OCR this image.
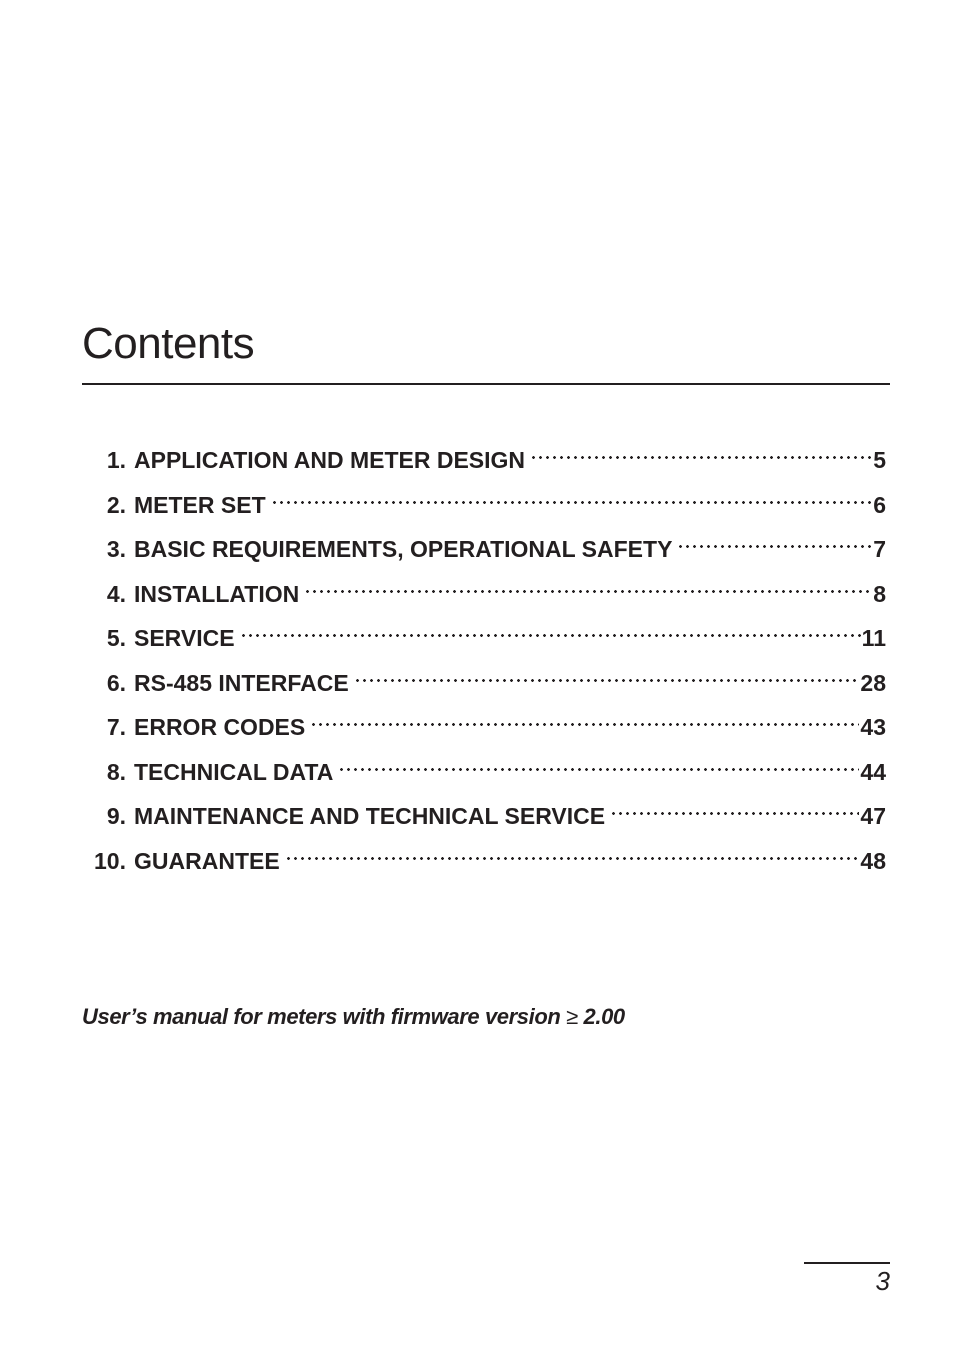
Contents
1. APPLICATION AND METER DESIGN	5
2. METER SET	6
3. BASIC REQUIREMENTS, OPERATIONAL SAFETY	7
4. INSTALLATION	8
5. SERVICE	11
6. RS-485 INTERFACE	28
7. ERROR CODES	43
8. TECHNICAL DATA	44
9. MAINTENANCE AND TECHNICAL SERVICE	47
10. GUARANTEE	48

User’s manual for meters with firmware version ≥ 2.00

3
